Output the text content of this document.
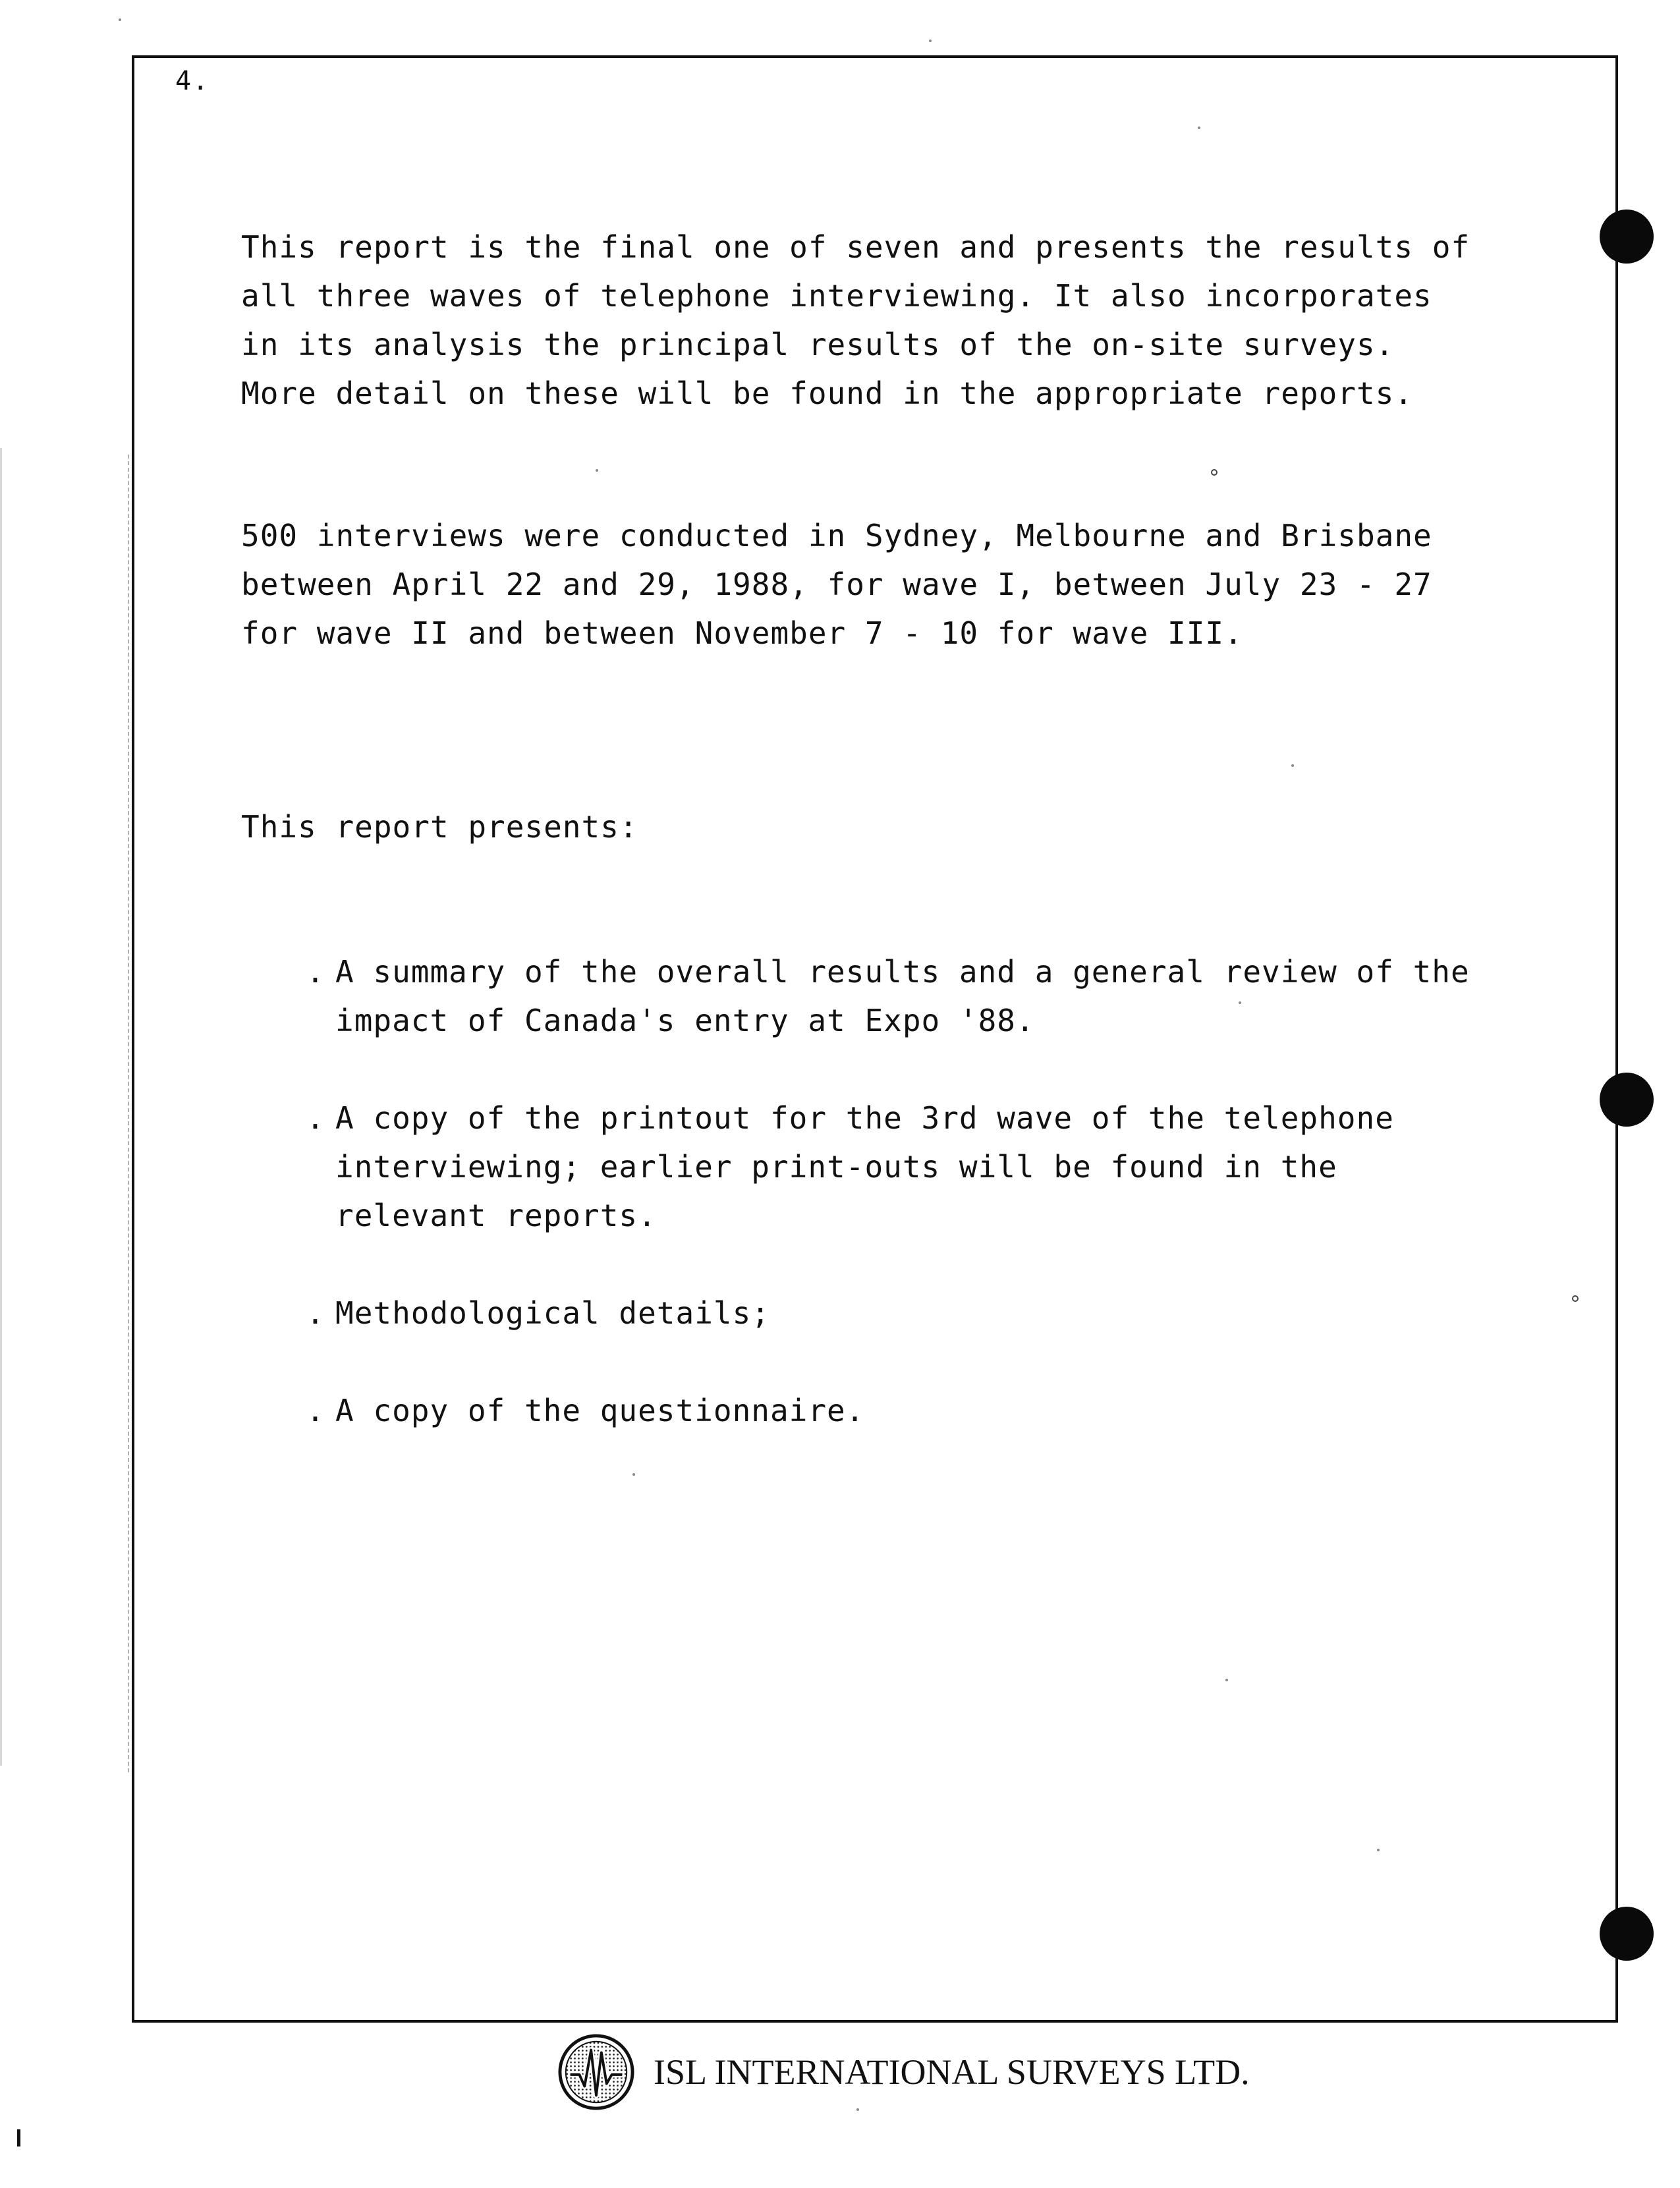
4.

This report is the final one of seven and presents the results of
all three waves of telephone interviewing. It also incorporates
in its analysis the principal results of the on-site surveys.
More detail on these will be found in the appropriate reports.

500 interviews were conducted in Sydney, Melbourne and Brisbane
between April 22 and 29, 1988, for wave I, between July 23 - 27
for wave II and between November 7 - 10 for wave III.

This report presents:

. A summary of the overall results and a general review of the
impact of Canada's entry at Expo '88.
. A copy of the printout for the 3rd wave of the telephone
interviewing; earlier print-outs will be found in the
relevant reports.
. Methodological details;
. A copy of the questionnaire.
ISL INTERNATIONAL SURVEYS LTD.
